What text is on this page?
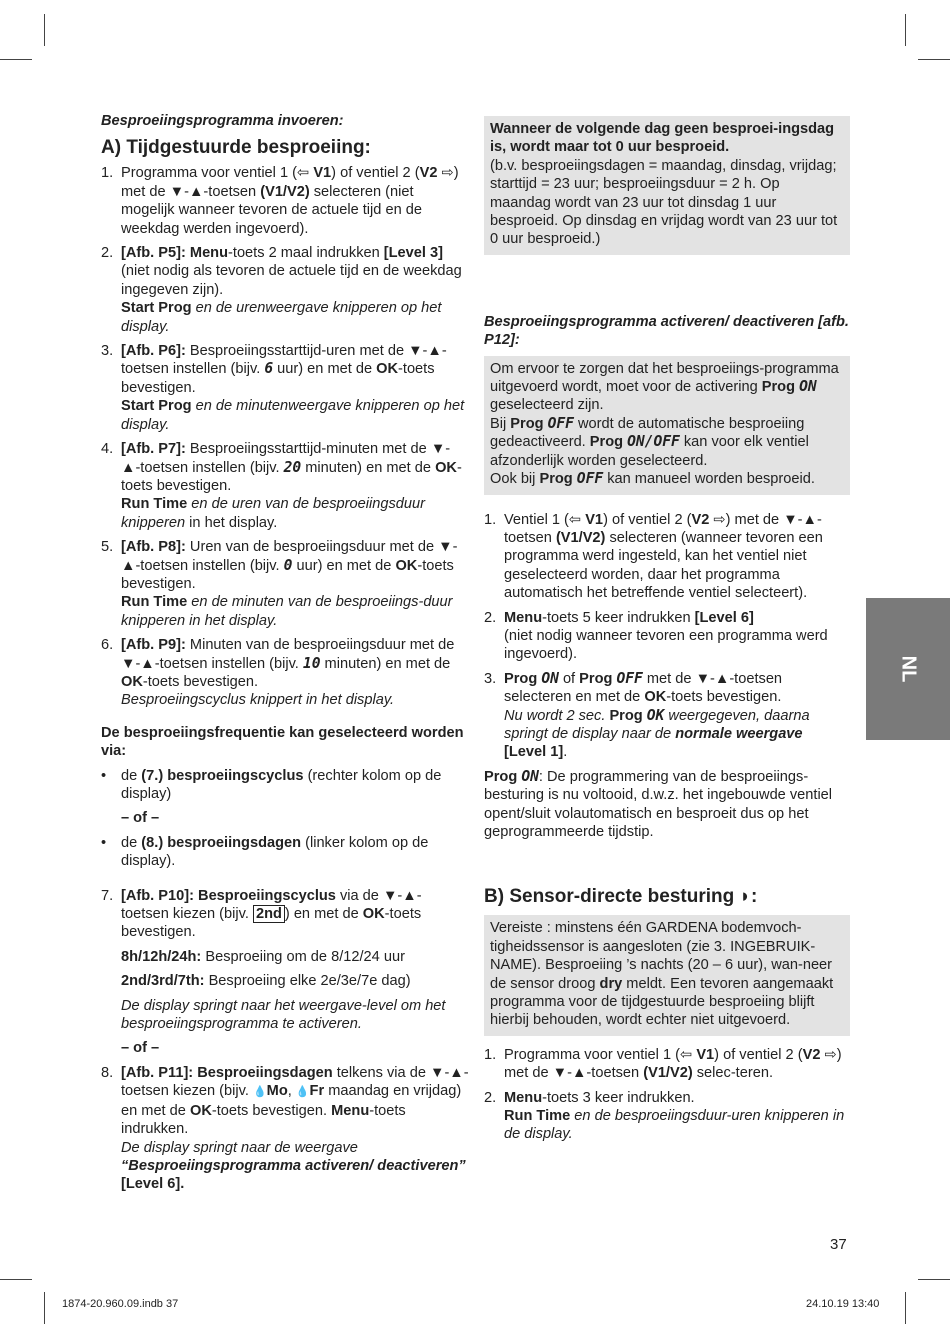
Besproeiingsprogramma invoeren:
A) Tijdgestuurde besproeiing:
1. Programma voor ventiel 1 (⇦ V1) of ventiel 2 (V2 ⇨) met de ▼-▲-toetsen (V1/V2) selecteren (niet mogelijk wanneer tevoren de actuele tijd en de weekdag werden ingevoerd).
2. [Afb. P5]: Menu-toets 2 maal indrukken [Level 3] (niet nodig als tevoren de actuele tijd en de weekdag ingegeven zijn).
Start Prog en de urenweergave knipperen op het display.
3. [Afb. P6]: Besproeiingsstarttijd-uren met de ▼-▲-toetsen instellen (bijv. 6 uur) en met de OK-toets bevestigen.
Start Prog en de minutenweergave knipperen op het display.
4. [Afb. P7]: Besproeiingsstarttijd-minuten met de ▼-▲-toetsen instellen (bijv. 20 minuten) en met de OK-toets bevestigen.
Run Time en de uren van de besproeiingsduur knipperen in het display.
5. [Afb. P8]: Uren van de besproeiingsduur met de ▼-▲-toetsen instellen (bijv. 0 uur) en met de OK-toets bevestigen.
Run Time en de minuten van de besproeiings-duur knipperen in het display.
6. [Afb. P9]: Minuten van de besproeiingsduur met de ▼-▲-toetsen instellen (bijv. 10 minuten) en met de OK-toets bevestigen.
Besproeiingscyclus knippert in het display.
De besproeiingsfrequentie kan geselecteerd worden via:
•	de (7.) besproeiingscyclus (rechter kolom op de display)
– of –
•	de (8.) besproeiingsdagen (linker kolom op de display).
7. [Afb. P10]: Besproeiingscyclus via de ▼-▲-toetsen kiezen (bijv. 2nd ) en met de OK-toets bevestigen.
8h/12h/24h: Besproeiing om de 8/12/24 uur
2nd/3rd/7th: Besproeiing elke 2e/3e/7e dag)
De display springt naar het weergave-level om het besproeiingsprogramma te activeren.
– of –
8. [Afb. P11]: Besproeiingsdagen telkens via de ▼-▲-toetsen kiezen (bijv. 💧Mo, 💧Fr maandag en vrijdag) en met de OK-toets bevestigen. Menu-toets indrukken.
De display springt naar de weergave “Besproeiingsprogramma activeren/ deactiveren” [Level 6].
Wanneer de volgende dag geen besproei-ingsdag is, wordt maar tot 0 uur besproeid.
(b.v. besproeiingsdagen = maandag, dinsdag, vrijdag; starttijd = 23 uur; besproeiingsduur = 2 h. Op maandag wordt van 23 uur tot dinsdag 1 uur besproeid. Op dinsdag en vrijdag wordt van 23 uur tot 0 uur besproeid.)
Besproeiingsprogramma activeren/ deactiveren [afb. P12]:
Om ervoor te zorgen dat het besproeiings-programma uitgevoerd wordt, moet voor de activering Prog ON geselecteerd zijn.
Bij Prog OFF wordt de automatische besproeiing gedeactiveerd. Prog ON/OFF kan voor elk ventiel afzonderlijk worden geselecteerd.
Ook bij Prog OFF kan manueel worden besproeid.
1. Ventiel 1 (⇦ V1) of ventiel 2 (V2 ⇨) met de ▼-▲-toetsen (V1/V2) selecteren (wanneer tevoren een programma werd ingesteld, kan het ventiel niet geselecteerd worden, daar het programma automatisch het betreffende ventiel selecteert).
2. Menu-toets 5 keer indrukken [Level 6]
(niet nodig wanneer tevoren een programma werd ingevoerd).
3. Prog ON of Prog OFF met de ▼-▲-toetsen selecteren en met de OK-toets bevestigen.
Nu wordt 2 sec. Prog OK weergegeven, daarna springt de display naar de normale weergave
[Level 1].
Prog ON: De programmering van de besproeiings-besturing is nu voltooid, d.w.z. het ingebouwde ventiel opent/sluit volautomatisch en besproeit dus op het geprogrammeerde tijdstip.
B) Sensor-directe besturing ◗:
Vereiste : minstens één GARDENA bodemvoch-tigheidssensor is aangesloten (zie 3. INGEBRUIK-NAME). Besproeiing ’s nachts (20 – 6 uur), wan-neer de sensor droog dry meldt. Een tevoren aangemaakt programma voor de tijdgestuurde besproeiing blijft hierbij behouden, wordt echter niet uitgevoerd.
1. Programma voor ventiel 1 (⇦ V1) of ventiel 2 (V2 ⇨) met de ▼-▲-toetsen (V1/V2) selec-teren.
2. Menu-toets 3 keer indrukken.
Run Time en de besproeiingsduur-uren knipperen in de display.
NL
37
1874-20.960.09.indb 37	24.10.19 13:40
